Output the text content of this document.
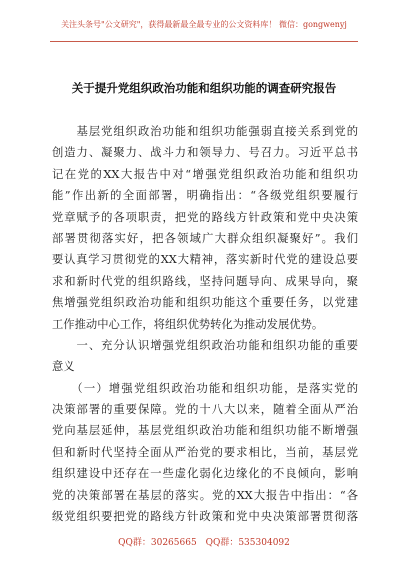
关注头条号"公文研究"，获得最新最全最专业的公文资料库！ 微信：gongwenyj
关于提升党组织政治功能和组织功能的调查研究报告
　　基层党组织政治功能和组织功能强弱直接关系到党的
创造力、凝聚力、战斗力和领导力、号召力。习近平总书
记在党的XX大报告中对“增强党组织政治功能和组织功
能”作出新的全面部署，明确指出：“各级党组织要履行
党章赋予的各项职责，把党的路线方针政策和党中央决策
部署贯彻落实好，把各领域广大群众组织凝聚好”。我们
要认真学习贯彻党的XX大精神，落实新时代党的建设总要
求和新时代党的组织路线，坚持问题导向、成果导向，聚
焦增强党组织政治功能和组织功能这个重要任务，以党建
工作推动中心工作，将组织优势转化为推动发展优势。
　　一、充分认识增强党组织政治功能和组织功能的重要
意义
　　（一）增强党组织政治功能和组织功能，是落实党的
决策部署的重要保障。党的十八大以来，随着全面从严治
党向基层延伸，基层党组织政治功能和组织功能不断增强
但和新时代坚持全面从严治党的要求相比，当前，基层党
组织建设中还存在一些虚化弱化边缘化的不良倾向，影响
党的决策部署在基层的落实。党的XX大报告中指出：“各
级党组织要把党的路线方针政策和党中央决策部署贯彻落
QQ群：30265665 QQ群：535304092
